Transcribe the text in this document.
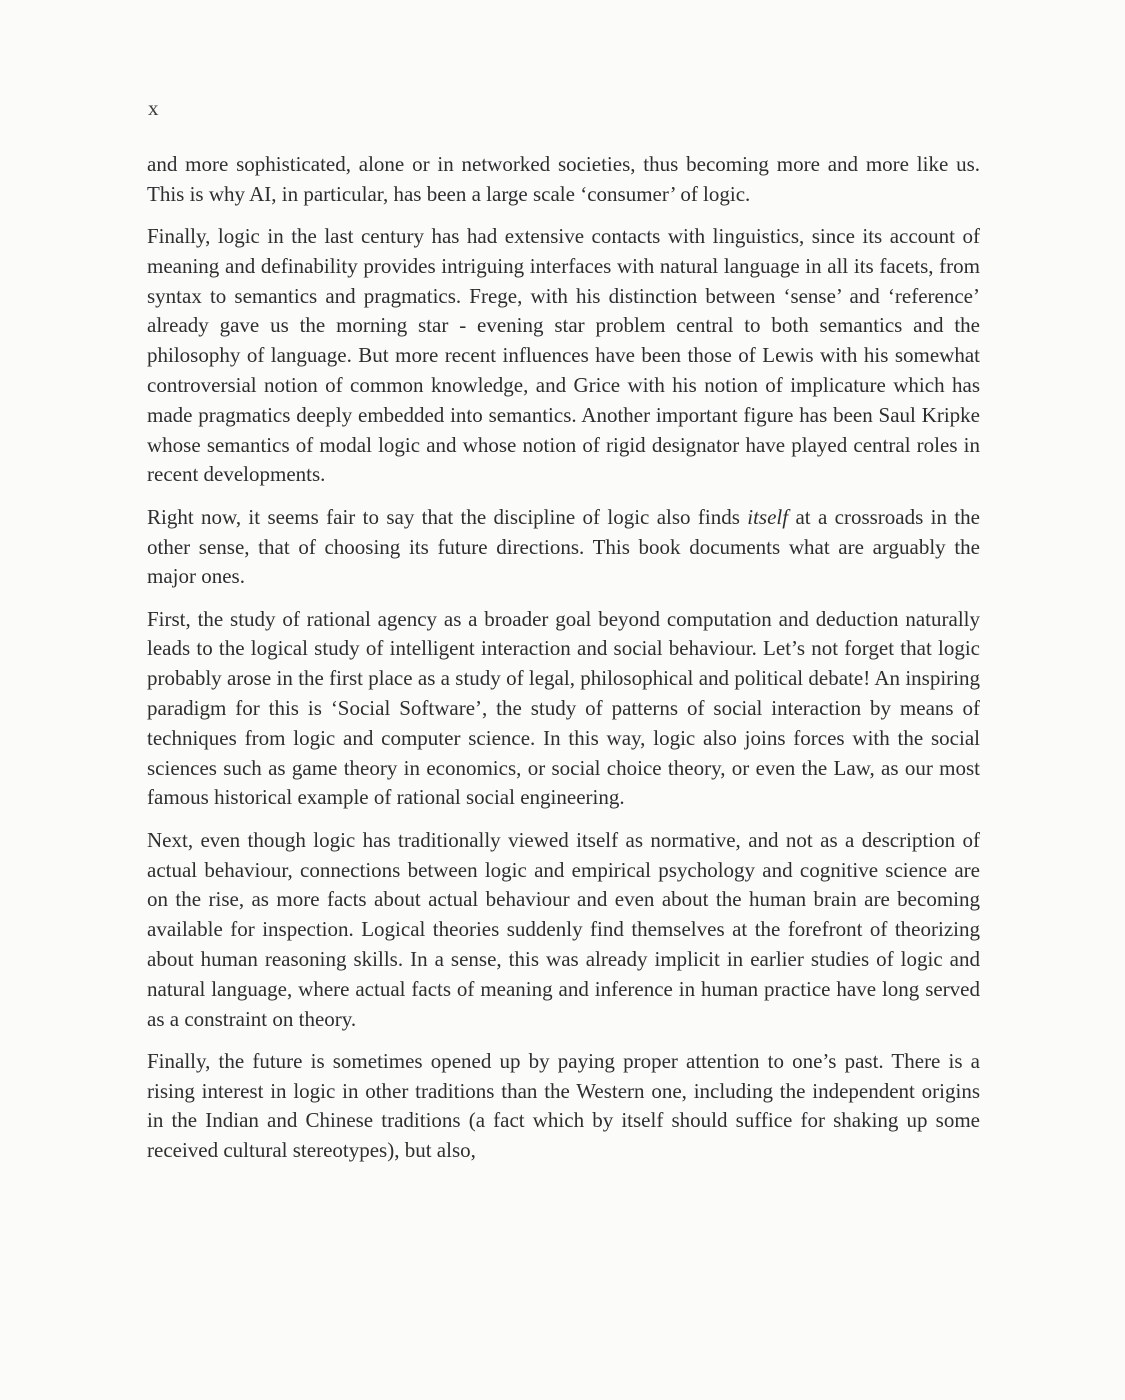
x

and more sophisticated, alone or in networked societies, thus becoming more and more like us. This is why AI, in particular, has been a large scale ‘consumer’ of logic.

Finally, logic in the last century has had extensive contacts with linguistics, since its account of meaning and definability provides intriguing interfaces with natural language in all its facets, from syntax to semantics and pragmatics. Frege, with his distinction between ‘sense’ and ‘reference’ already gave us the morning star - evening star problem central to both semantics and the philosophy of language. But more recent influences have been those of Lewis with his somewhat controversial notion of common knowledge, and Grice with his notion of implicature which has made pragmatics deeply embedded into semantics. Another important figure has been Saul Kripke whose semantics of modal logic and whose notion of rigid designator have played central roles in recent developments.

Right now, it seems fair to say that the discipline of logic also finds itself at a crossroads in the other sense, that of choosing its future directions. This book documents what are arguably the major ones.

First, the study of rational agency as a broader goal beyond computation and deduction naturally leads to the logical study of intelligent interaction and social behaviour. Let’s not forget that logic probably arose in the first place as a study of legal, philosophical and political debate! An inspiring paradigm for this is ‘Social Software’, the study of patterns of social interaction by means of techniques from logic and computer science. In this way, logic also joins forces with the social sciences such as game theory in economics, or social choice theory, or even the Law, as our most famous historical example of rational social engineering.

Next, even though logic has traditionally viewed itself as normative, and not as a description of actual behaviour, connections between logic and empirical psychology and cognitive science are on the rise, as more facts about actual behaviour and even about the human brain are becoming available for inspection. Logical theories suddenly find themselves at the forefront of theorizing about human reasoning skills. In a sense, this was already implicit in earlier studies of logic and natural language, where actual facts of meaning and inference in human practice have long served as a constraint on theory.

Finally, the future is sometimes opened up by paying proper attention to one’s past. There is a rising interest in logic in other traditions than the Western one, including the independent origins in the Indian and Chinese traditions (a fact which by itself should suffice for shaking up some received cultural stereotypes), but also,
